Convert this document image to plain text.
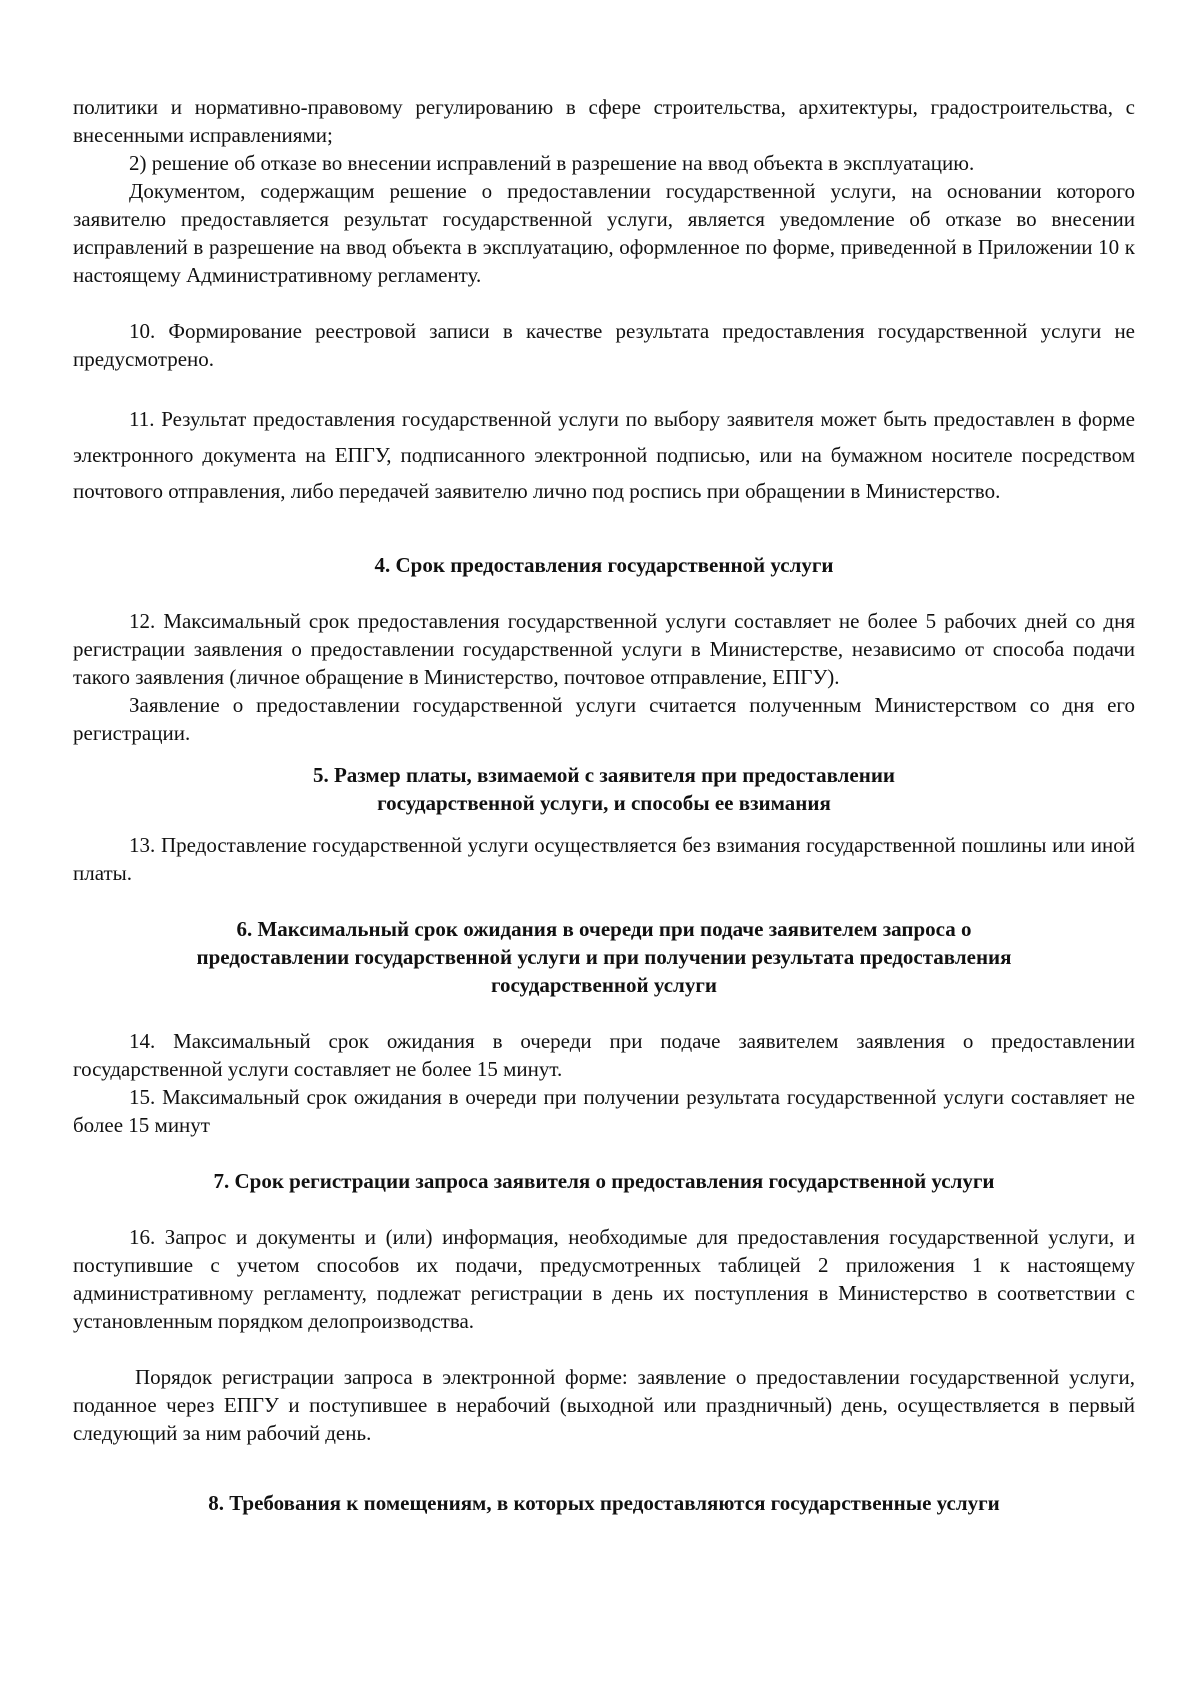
политики и нормативно-правовому регулированию в сфере строительства, архитектуры, градостроительства, с внесенными исправлениями;

2) решение об отказе во внесении исправлений в разрешение на ввод объекта в эксплуатацию.

Документом, содержащим решение о предоставлении государственной услуги, на основании которого заявителю предоставляется результат государственной услуги, является уведомление об отказе во внесении исправлений в разрешение на ввод объекта в эксплуатацию, оформленное по форме, приведенной в Приложении 10 к настоящему Административному регламенту.

10. Формирование реестровой записи в качестве результата предоставления государственной услуги не предусмотрено.

11. Результат предоставления государственной услуги по выбору заявителя может быть предоставлен в форме электронного документа на ЕПГУ, подписанного электронной подписью, или на бумажном носителе посредством почтового отправления, либо передачей заявителю лично под роспись при обращении в Министерство.

4. Срок предоставления государственной услуги

12. Максимальный срок предоставления государственной услуги составляет не более 5 рабочих дней со дня регистрации заявления о предоставлении государственной услуги в Министерстве, независимо от способа подачи такого заявления (личное обращение в Министерство, почтовое отправление, ЕПГУ).

Заявление о предоставлении государственной услуги считается полученным Министерством со дня его регистрации.

5. Размер платы, взимаемой с заявителя при предоставлении
государственной услуги, и способы ее взимания

13. Предоставление государственной услуги осуществляется без взимания государственной пошлины или иной платы.

6. Максимальный срок ожидания в очереди при подаче заявителем запроса о
предоставлении государственной услуги и при получении результата предоставления
государственной услуги

14. Максимальный срок ожидания в очереди при подаче заявителем заявления о предоставлении государственной услуги составляет не более 15 минут.

15. Максимальный срок ожидания в очереди при получении результата государственной услуги составляет не более 15 минут

7. Срок регистрации запроса заявителя о предоставления государственной услуги

16. Запрос и документы и (или) информация, необходимые для предоставления государственной услуги, и поступившие с учетом способов их подачи, предусмотренных таблицей 2 приложения 1 к настоящему административному регламенту, подлежат регистрации в день их поступления в Министерство в соответствии с установленным порядком делопроизводства.

Порядок регистрации запроса в электронной форме: заявление о предоставлении государственной услуги, поданное через ЕПГУ и поступившее в нерабочий (выходной или праздничный) день, осуществляется в первый следующий за ним рабочий день.

8. Требования к помещениям, в которых предоставляются государственные услуги
